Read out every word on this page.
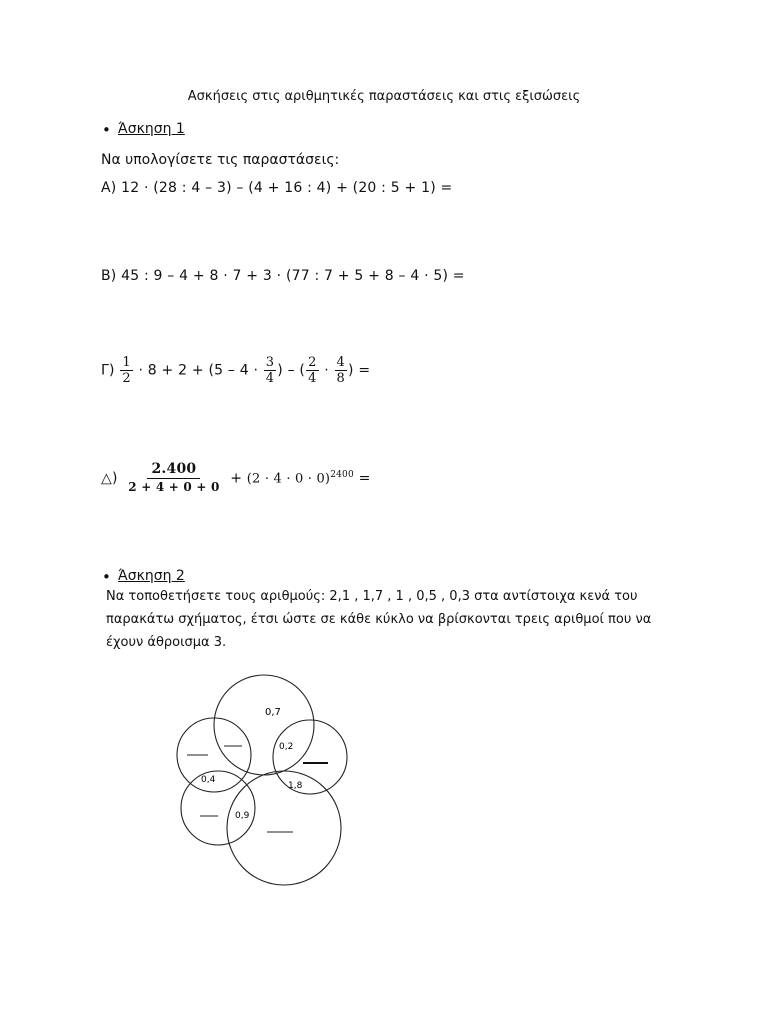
Ασκήσεις στις αριθμητικές παραστάσεις και στις εξισώσεις
• Άσκηση 1
Να υπολογίσετε τις παραστάσεις:
Α) 12 · (28 : 4 – 3) – (4 + 16 : 4) + (20 : 5 + 1) =
Β) 45 : 9 – 4 + 8 · 7 + 3 · (77 : 7 + 5 + 8 – 4 · 5) =
$\Gamma) \frac{1}{2} \cdot 8 + 2 + (5 - 4 \cdot \frac{3}{4}$ ) – ( $\frac{2}{4} \cdot \frac{4}{8}$ ) =
△) $\frac{2.400}{2 + 4 + 0 + 0} + (2 \cdot 4 \cdot 0 \cdot 0)^{2400}$ =
• Άσκηση 2
Να τοποθετήσετε τους αριθμούς: 2,1 , 1,7 , 1 , 0,5 , 0,3 στα αντίστοιχα κενά του
παρακάτω σχήματος, έτσι ώστε σε κάθε κύκλο να βρίσκονται τρεις αριθμοί που να
έχουν άθροισμα 3.
0,7
0,2
0,4
1,8
0,9
